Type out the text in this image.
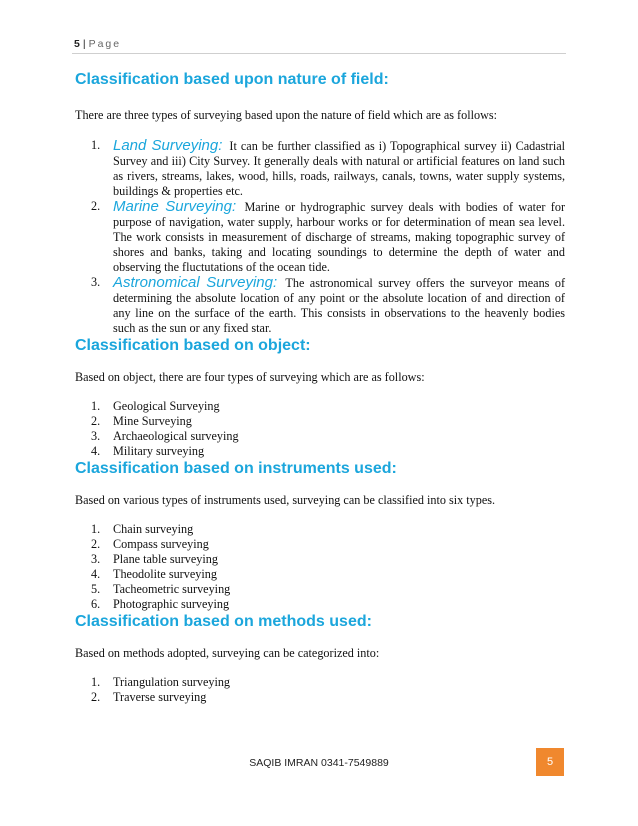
5 | Page
Classification based upon nature of field:

There are three types of surveying based upon the nature of field which are as follows:

1. Land Surveying: It can be further classified as i) Topographical survey ii) Cadastrial Survey and iii) City Survey. It generally deals with natural or artificial features on land such as rivers, streams, lakes, wood, hills, roads, railways, canals, towns, water supply systems, buildings & properties etc.
2. Marine Surveying: Marine or hydrographic survey deals with bodies of water for purpose of navigation, water supply, harbour works or for determination of mean sea level. The work consists in measurement of discharge of streams, making topographic survey of shores and banks, taking and locating soundings to determine the depth of water and observing the fluctutations of the ocean tide.
3. Astronomical Surveying: The astronomical survey offers the surveyor means of determining the absolute location of any point or the absolute location of and direction of any line on the surface of the earth. This consists in observations to the heavenly bodies such as the sun or any fixed star.
Classification based on object:

Based on object, there are four types of surveying which are as follows:

1. Geological Surveying
2. Mine Surveying
3. Archaeological surveying
4. Military surveying
Classification based on instruments used:

Based on various types of instruments used, surveying can be classified into six types.

1. Chain surveying
2. Compass surveying
3. Plane table surveying
4. Theodolite surveying
5. Tacheometric surveying
6. Photographic surveying
Classification based on methods used:

Based on methods adopted, surveying can be categorized into:

1. Triangulation surveying
2. Traverse surveying
SAQIB IMRAN 0341-7549889	5
